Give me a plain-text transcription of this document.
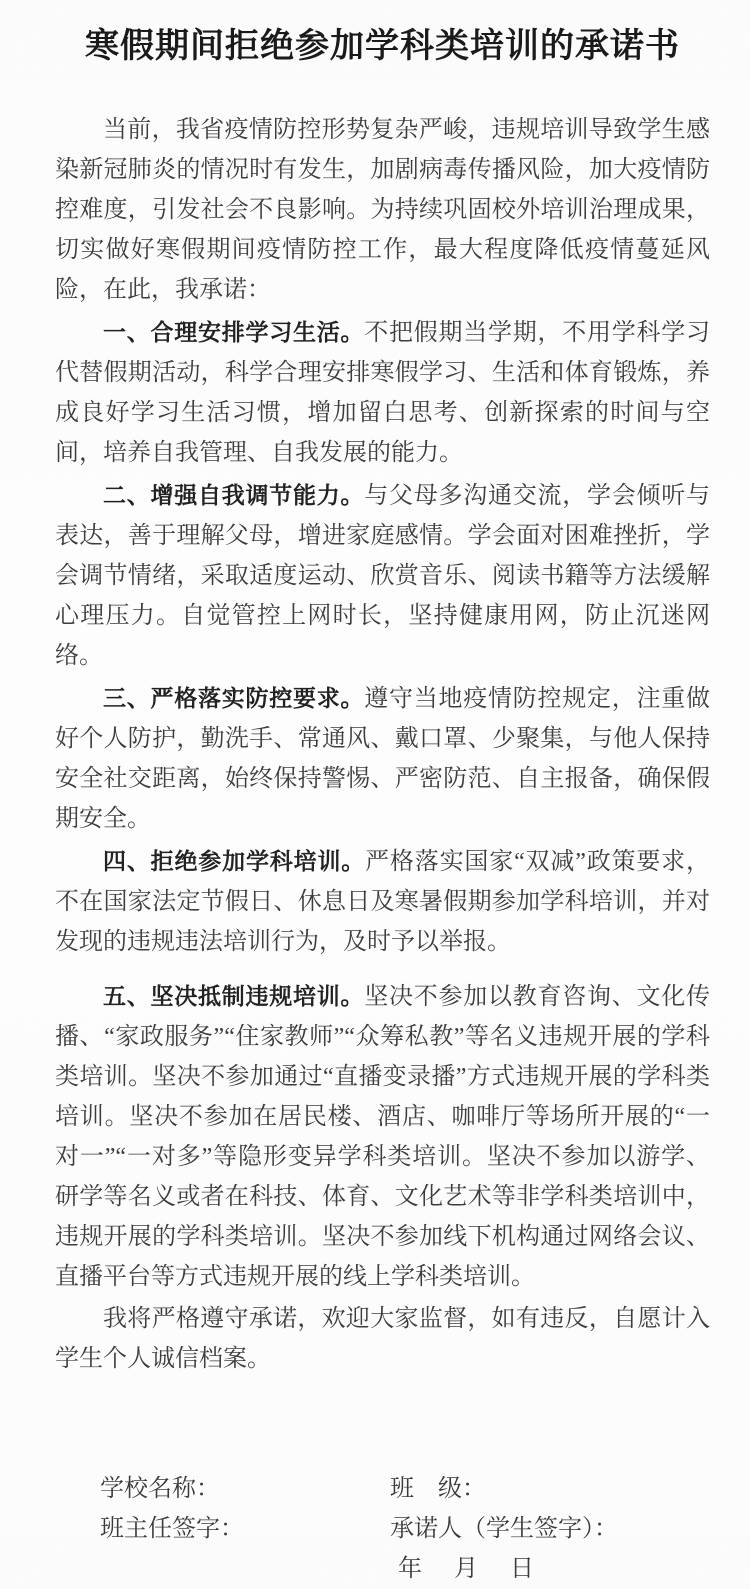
寒假期间拒绝参加学科类培训的承诺书

当前，我省疫情防控形势复杂严峻，违规培训导致学生感染新冠肺炎的情况时有发生，加剧病毒传播风险，加大疫情防控难度，引发社会不良影响。为持续巩固校外培训治理成果，切实做好寒假期间疫情防控工作，最大程度降低疫情蔓延风险，在此，我承诺：

一、合理安排学习生活。不把假期当学期，不用学科学习代替假期活动，科学合理安排寒假学习、生活和体育锻炼，养成良好学习生活习惯，增加留白思考、创新探索的时间与空间，培养自我管理、自我发展的能力。

二、增强自我调节能力。与父母多沟通交流，学会倾听与表达，善于理解父母，增进家庭感情。学会面对困难挫折，学会调节情绪，采取适度运动、欣赏音乐、阅读书籍等方法缓解心理压力。自觉管控上网时长，坚持健康用网，防止沉迷网络。

三、严格落实防控要求。遵守当地疫情防控规定，注重做好个人防护，勤洗手、常通风、戴口罩、少聚集，与他人保持安全社交距离，始终保持警惕、严密防范、自主报备，确保假期安全。

四、拒绝参加学科培训。严格落实国家“双减”政策要求，不在国家法定节假日、休息日及寒暑假期参加学科培训，并对发现的违规违法培训行为，及时予以举报。

五、坚决抵制违规培训。坚决不参加以教育咨询、文化传播、“家政服务”“住家教师”“众筹私教”等名义违规开展的学科类培训。坚决不参加通过“直播变录播”方式违规开展的学科类培训。坚决不参加在居民楼、酒店、咖啡厅等场所开展的“一对一”“一对多”等隐形变异学科类培训。坚决不参加以游学、研学等名义或者在科技、体育、文化艺术等非学科类培训中，违规开展的学科类培训。坚决不参加线下机构通过网络会议、直播平台等方式违规开展的线上学科类培训。

我将严格遵守承诺，欢迎大家监督，如有违反，自愿计入学生个人诚信档案。

学校名称：	班　级：
班主任签字：	承诺人（学生签字）：
年　月　日
